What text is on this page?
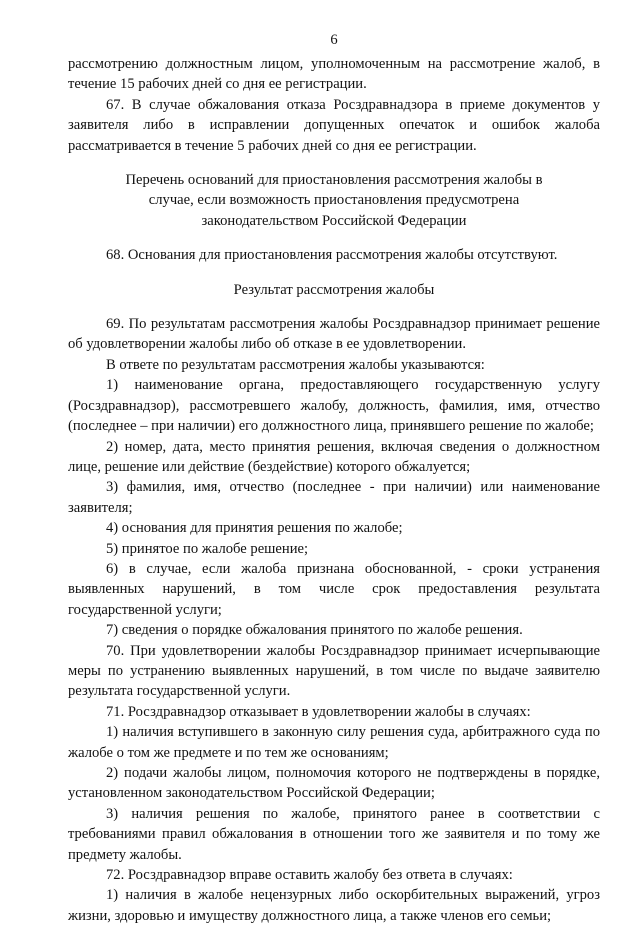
6

рассмотрению должностным лицом, уполномоченным на рассмотрение жалоб, в течение 15 рабочих дней со дня ее регистрации.

67. В случае обжалования отказа Росздравнадзора в приеме документов у заявителя либо в исправлении допущенных опечаток и ошибок жалоба рассматривается в течение 5 рабочих дней со дня ее регистрации.

Перечень оснований для приостановления рассмотрения жалобы в случае, если возможность приостановления предусмотрена законодательством Российской Федерации

68. Основания для приостановления рассмотрения жалобы отсутствуют.

Результат рассмотрения жалобы

69. По результатам рассмотрения жалобы Росздравнадзор принимает решение об удовлетворении жалобы либо об отказе в ее удовлетворении.

В ответе по результатам рассмотрения жалобы указываются:

1) наименование органа, предоставляющего государственную услугу (Росздравнадзор), рассмотревшего жалобу, должность, фамилия, имя, отчество (последнее – при наличии) его должностного лица, принявшего решение по жалобе;

2) номер, дата, место принятия решения, включая сведения о должностном лице, решение или действие (бездействие) которого обжалуется;

3) фамилия, имя, отчество (последнее - при наличии) или наименование заявителя;

4) основания для принятия решения по жалобе;

5) принятое по жалобе решение;

6) в случае, если жалоба признана обоснованной, - сроки устранения выявленных нарушений, в том числе срок предоставления результата государственной услуги;

7) сведения о порядке обжалования принятого по жалобе решения.

70. При удовлетворении жалобы Росздравнадзор принимает исчерпывающие меры по устранению выявленных нарушений, в том числе по выдаче заявителю результата государственной услуги.

71. Росздравнадзор отказывает в удовлетворении жалобы в случаях:

1) наличия вступившего в законную силу решения суда, арбитражного суда по жалобе о том же предмете и по тем же основаниям;

2) подачи жалобы лицом, полномочия которого не подтверждены в порядке, установленном законодательством Российской Федерации;

3) наличия решения по жалобе, принятого ранее в соответствии с требованиями правил обжалования в отношении того же заявителя и по тому же предмету жалобы.

72. Росздравнадзор вправе оставить жалобу без ответа в случаях:

1) наличия в жалобе нецензурных либо оскорбительных выражений, угроз жизни, здоровью и имуществу должностного лица, а также членов его семьи;
